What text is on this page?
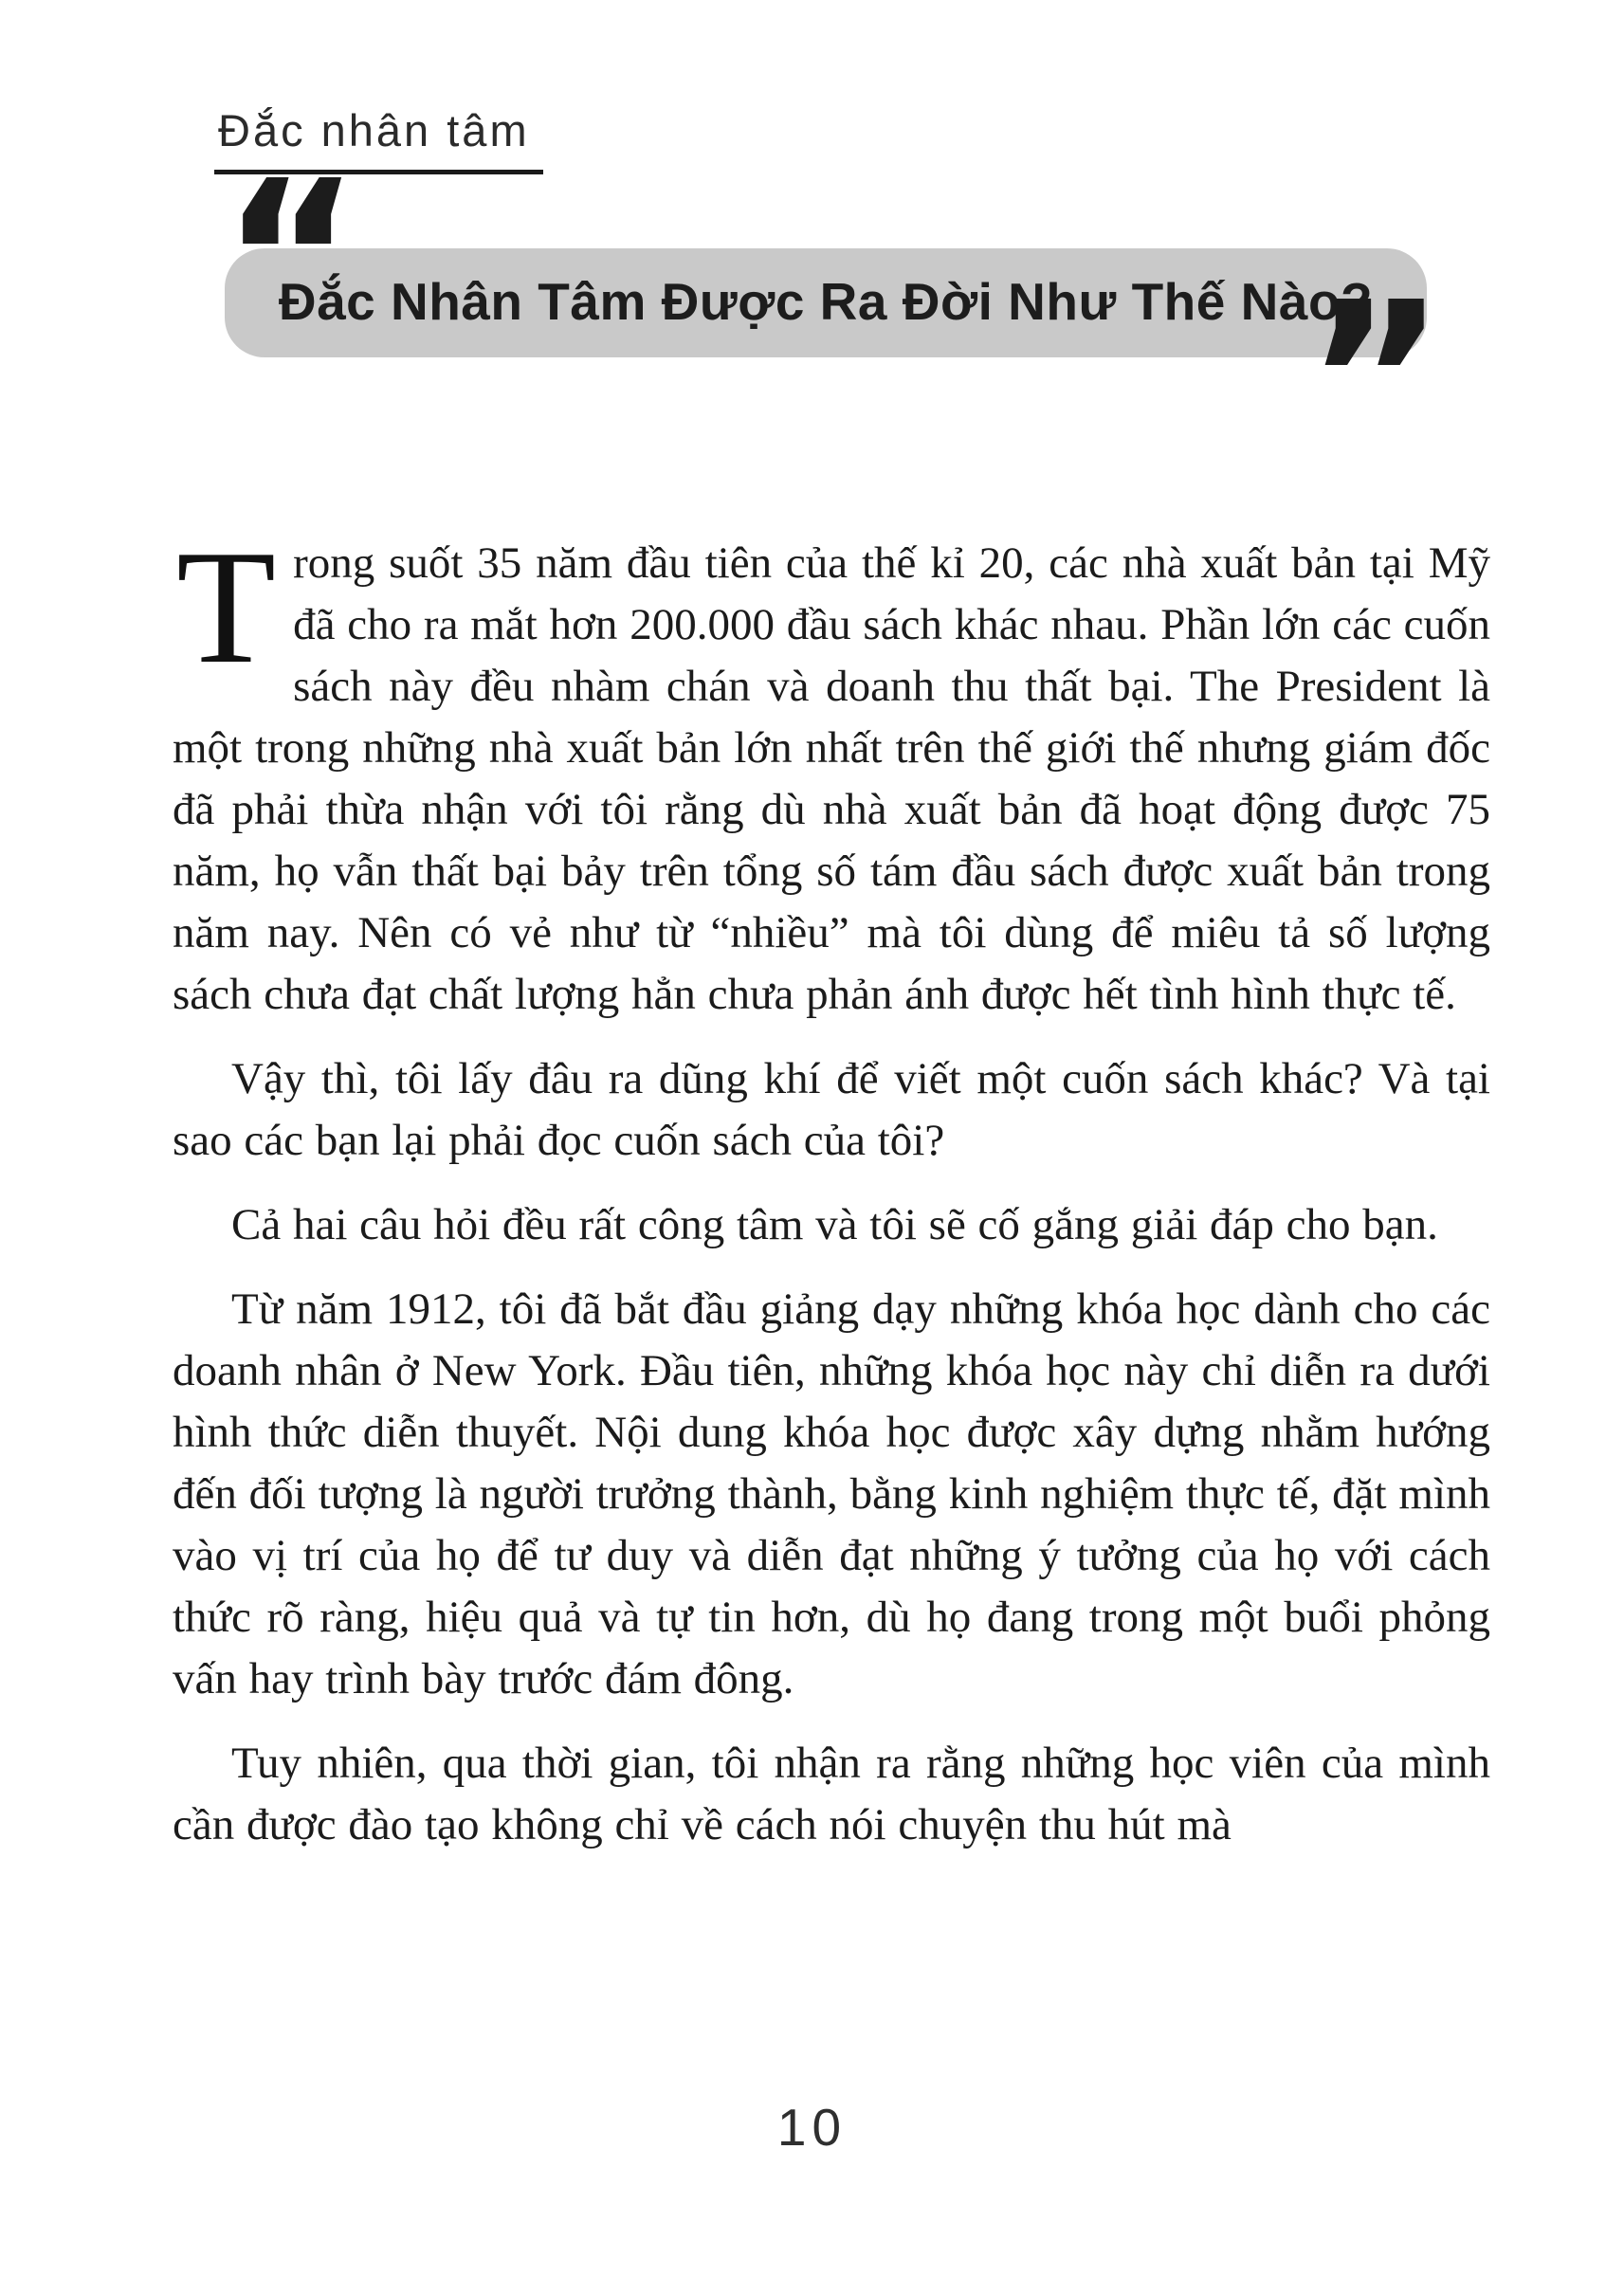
Đắc nhân tâm
“
Đắc Nhân Tâm Được Ra Đời Như Thế Nào?
”

Trong suốt 35 năm đầu tiên của thế kỉ 20, các nhà xuất bản tại Mỹ đã cho ra mắt hơn 200.000 đầu sách khác nhau. Phần lớn các cuốn sách này đều nhàm chán và doanh thu thất bại. The President là một trong những nhà xuất bản lớn nhất trên thế giới thế nhưng giám đốc đã phải thừa nhận với tôi rằng dù nhà xuất bản đã hoạt động được 75 năm, họ vẫn thất bại bảy trên tổng số tám đầu sách được xuất bản trong năm nay. Nên có vẻ như từ “nhiều” mà tôi dùng để miêu tả số lượng sách chưa đạt chất lượng hẳn chưa phản ánh được hết tình hình thực tế.

Vậy thì, tôi lấy đâu ra dũng khí để viết một cuốn sách khác? Và tại sao các bạn lại phải đọc cuốn sách của tôi?

Cả hai câu hỏi đều rất công tâm và tôi sẽ cố gắng giải đáp cho bạn.

Từ năm 1912, tôi đã bắt đầu giảng dạy những khóa học dành cho các doanh nhân ở New York. Đầu tiên, những khóa học này chỉ diễn ra dưới hình thức diễn thuyết. Nội dung khóa học được xây dựng nhằm hướng đến đối tượng là người trưởng thành, bằng kinh nghiệm thực tế, đặt mình vào vị trí của họ để tư duy và diễn đạt những ý tưởng của họ với cách thức rõ ràng, hiệu quả và tự tin hơn, dù họ đang trong một buổi phỏng vấn hay trình bày trước đám đông.

Tuy nhiên, qua thời gian, tôi nhận ra rằng những học viên của mình cần được đào tạo không chỉ về cách nói chuyện thu hút mà

10
